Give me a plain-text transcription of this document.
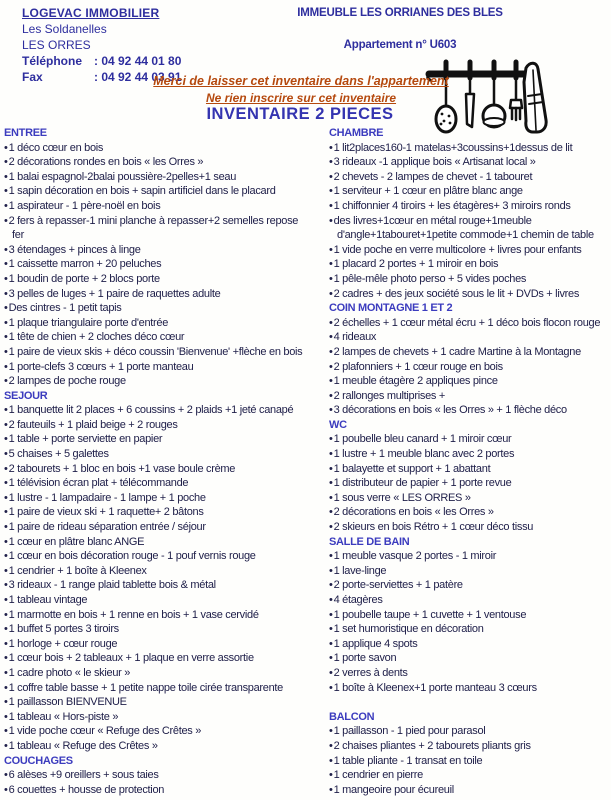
LOGEVAC IMMOBILIER
Les Soldanelles
LES ORRES
Téléphone : 04 92 44 01 80
Fax	: 04 92 44 03 91
IMMEUBLE LES ORRIANES DES BLES
Appartement n° U603
Merci de laisser cet inventaire dans l'appartement
Ne rien inscrire sur cet inventaire
INVENTAIRE 2 PIECES
ENTREE
•1 déco cœur en bois
•2 décorations rondes en bois « les Orres »
•1 balai espagnol-2balai poussière-2pelles+1 seau
•1 sapin décoration en bois + sapin artificiel dans le placard
•1 aspirateur - 1 père-noël en bois
•2 fers à repasser-1 mini planche à repasser+2 semelles repose fer
•3 étendages + pinces à linge
•1 caissette marron + 20 peluches
•1 boudin de porte + 2 blocs porte
•3 pelles de luges + 1 paire de raquettes adulte
•Des cintres - 1 petit tapis
•1 plaque triangulaire porte d'entrée
•1 tête de chien + 2 cloches déco cœur
•1 paire de vieux skis + déco coussin 'Bienvenue' +flèche en bois
•1 porte-clefs 3 cœurs + 1 porte manteau
•2 lampes de poche rouge
SEJOUR
•1 banquette lit 2 places + 6 coussins + 2 plaids +1 jeté canapé
•2 fauteuils + 1 plaid beige + 2 rouges
•1 table + porte serviette en papier
•5 chaises + 5 galettes
•2 tabourets + 1 bloc en bois +1 vase boule crème
•1 télévision écran plat + télécommande
•1 lustre - 1 lampadaire - 1 lampe + 1 poche
•1 paire de vieux ski + 1 raquette+ 2 bâtons
•1 paire de rideau séparation entrée / séjour
•1 cœur en plâtre blanc ANGE
•1 cœur en bois décoration rouge - 1 pouf vernis rouge
•1 cendrier + 1 boîte à Kleenex
•3 rideaux - 1 range plaid tablette bois & métal
•1 tableau vintage
•1 marmotte en bois + 1 renne en bois + 1 vase cervidé
•1 buffet 5 portes 3 tiroirs
•1 horloge + cœur rouge
•1 cœur bois + 2 tableaux + 1 plaque en verre assortie
•1 cadre photo « le skieur »
•1 coffre table basse + 1 petite nappe toile cirée transparente
•1 paillasson BIENVENUE
•1 tableau « Hors-piste »
•1 vide poche cœur « Refuge des Crêtes »
•1 tableau « Refuge des Crêtes »
COUCHAGES
•6 alèses +9 oreillers + sous taies
•6 couettes + housse de protection
CHAMBRE
•1 lit2places160-1 matelas+3coussins+1dessus de lit
•3 rideaux -1 applique bois « Artisanat local »
•2 chevets - 2 lampes de chevet - 1 tabouret
•1 serviteur + 1 cœur en plâtre blanc ange
•1 chiffonnier 4 tiroirs + les étagères+ 3 miroirs ronds
•des livres+1cœur en métal rouge+1meuble d'angle+1tabouret+1petite commode+1 chemin de table
•1 vide poche en verre multicolore + livres pour enfants
•1 placard 2 portes + 1 miroir en bois
•1 pêle-mêle photo perso + 5 vides poches
•2 cadres + des jeux société sous le lit + DVDs + livres
COIN MONTAGNE 1 ET 2
•2 échelles + 1 cœur métal écru + 1 déco bois flocon rouge
•4 rideaux
•2 lampes de chevets + 1 cadre Martine à la Montagne
•2 plafonniers + 1 cœur rouge en bois
•1 meuble étagère 2 appliques pince
•2 rallonges multiprises +
•3 décorations en bois « les Orres » + 1 flèche déco
WC
•1 poubelle bleu canard + 1 miroir cœur
•1 lustre + 1 meuble blanc avec 2 portes
•1 balayette et support + 1 abattant
•1 distributeur de papier + 1 porte revue
•1 sous verre « LES ORRES »
•2 décorations en bois « les Orres »
•2 skieurs en bois Rétro + 1 cœur déco tissu
SALLE DE BAIN
•1 meuble vasque 2 portes - 1 miroir
•1 lave-linge
•2 porte-serviettes + 1 patère
•4 étagères
•1 poubelle taupe + 1 cuvette + 1 ventouse
•1 set humoristique en décoration
•1 applique 4 spots
•1 porte savon
•2 verres à dents
•1 boîte à Kleenex+1 porte manteau 3 cœurs
BALCON
•1 paillasson - 1 pied pour parasol
•2 chaises pliantes + 2 tabourets pliants gris
•1 table pliante - 1 transat en toile
•1 cendrier en pierre
•1 mangeoire pour écureuil
